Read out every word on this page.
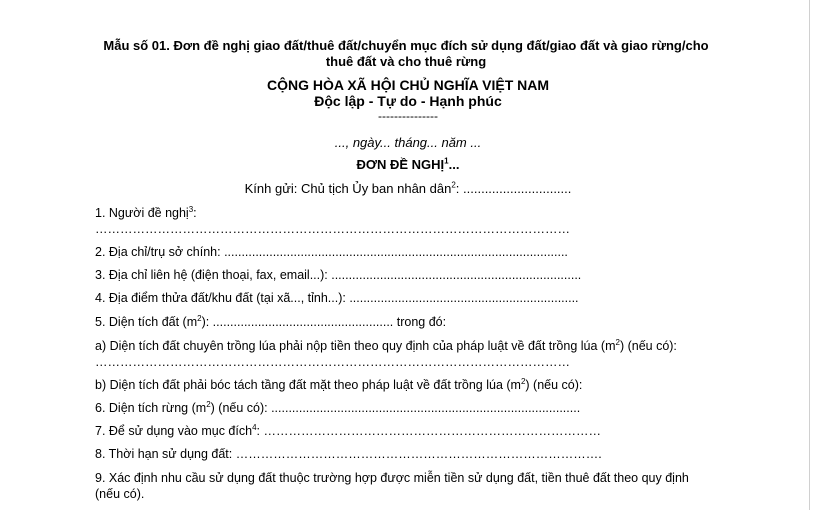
Mẫu số 01. Đơn đề nghị giao đất/thuê đất/chuyển mục đích sử dụng đất/giao đất và giao rừng/cho thuê đất và cho thuê rừng
CỘNG HÒA XÃ HỘI CHỦ NGHĨA VIỆT NAM
Độc lập - Tự do - Hạnh phúc
---------------
..., ngày... tháng... năm ...
ĐƠN ĐỀ NGHỊ$^1$...
Kính gửi: Chủ tịch Ủy ban nhân dân$^2$: ..............................
1. Người đề nghị$^3$:
……………………………………………………………………………………………………
2. Địa chỉ/trụ sở chính: ...................................................................................................
3. Địa chỉ liên hệ (điện thoại, fax, email...): ........................................................................
4. Địa điểm thửa đất/khu đất (tại xã..., tỉnh...): ..................................................................
5. Diện tích đất $(m^2)$: .................................................... trong đó:
a) Diện tích đất chuyên trồng lúa phải nộp tiền theo quy định của pháp luật về đất trồng lúa $(m^2)$ (nếu có):
……………………………………………………………………………………………………
b) Diện tích đất phải bóc tách tầng đất mặt theo pháp luật về đất trồng lúa $(m^2)$ (nếu có):
6. Diện tích rừng $(m^2)$ (nếu có): .........................................................................................
7. Để sử dụng vào mục đích$^4$: ………………………………………………………………………
8. Thời hạn sử dụng đất: …………………………………………………………………………….
9. Xác định nhu cầu sử dụng đất thuộc trường hợp được miễn tiền sử dụng đất, tiền thuê đất theo quy định (nếu có).
